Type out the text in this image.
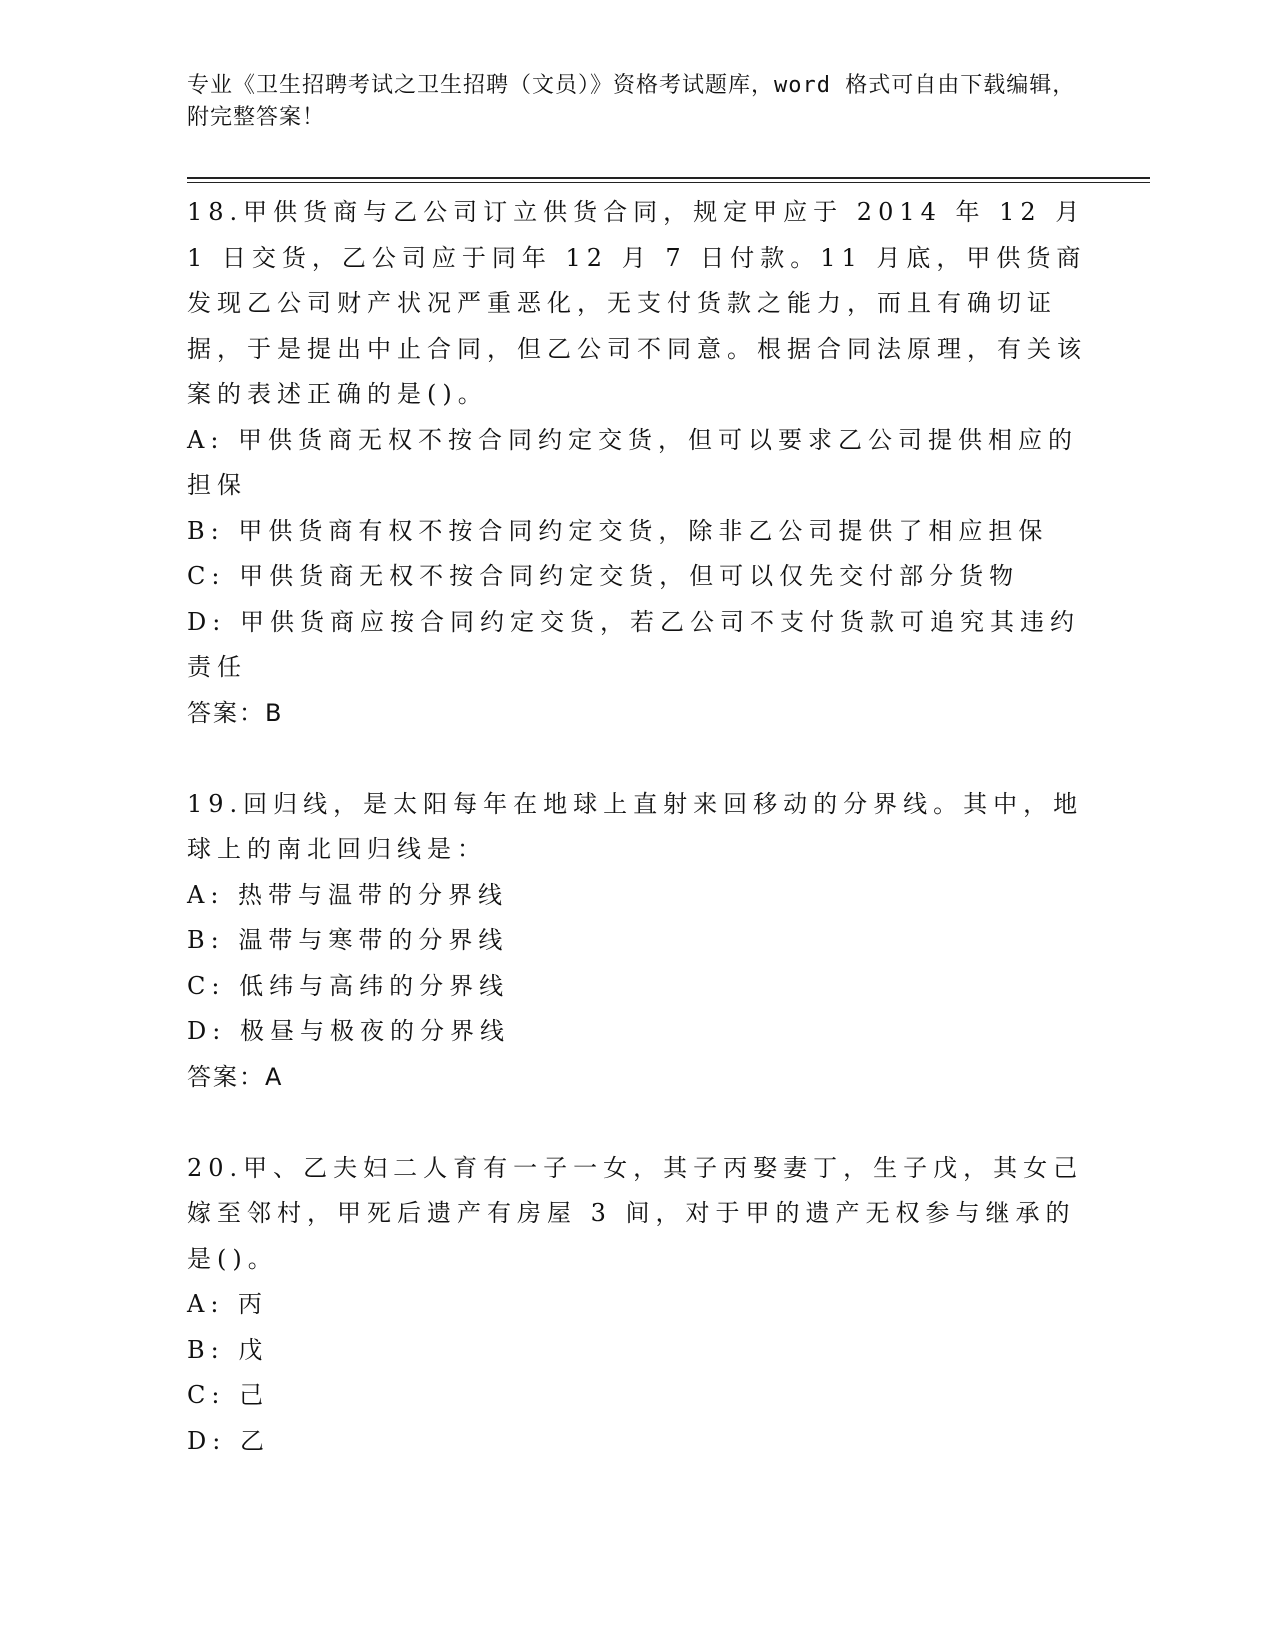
专业《卫生招聘考试之卫生招聘（文员）》资格考试题库，word 格式可自由下载编辑，附完整答案！

18.甲供货商与乙公司订立供货合同，规定甲应于 2014 年 12 月 1 日交货，乙公司应于同年 12 月 7 日付款。11 月底，甲供货商发现乙公司财产状况严重恶化，无支付货款之能力，而且有确切证据，于是提出中止合同，但乙公司不同意。根据合同法原理，有关该案的表述正确的是()。

A: 甲供货商无权不按合同约定交货，但可以要求乙公司提供相应的担保

B: 甲供货商有权不按合同约定交货，除非乙公司提供了相应担保

C: 甲供货商无权不按合同约定交货，但可以仅先交付部分货物

D: 甲供货商应按合同约定交货，若乙公司不支付货款可追究其违约责任

答案：B

19.回归线，是太阳每年在地球上直射来回移动的分界线。其中，地球上的南北回归线是：

A: 热带与温带的分界线

B: 温带与寒带的分界线

C: 低纬与高纬的分界线

D: 极昼与极夜的分界线

答案：A

20.甲、乙夫妇二人育有一子一女，其子丙娶妻丁，生子戊，其女己嫁至邻村，甲死后遗产有房屋 3 间，对于甲的遗产无权参与继承的是()。

A: 丙

B: 戊

C: 己

D: 乙
